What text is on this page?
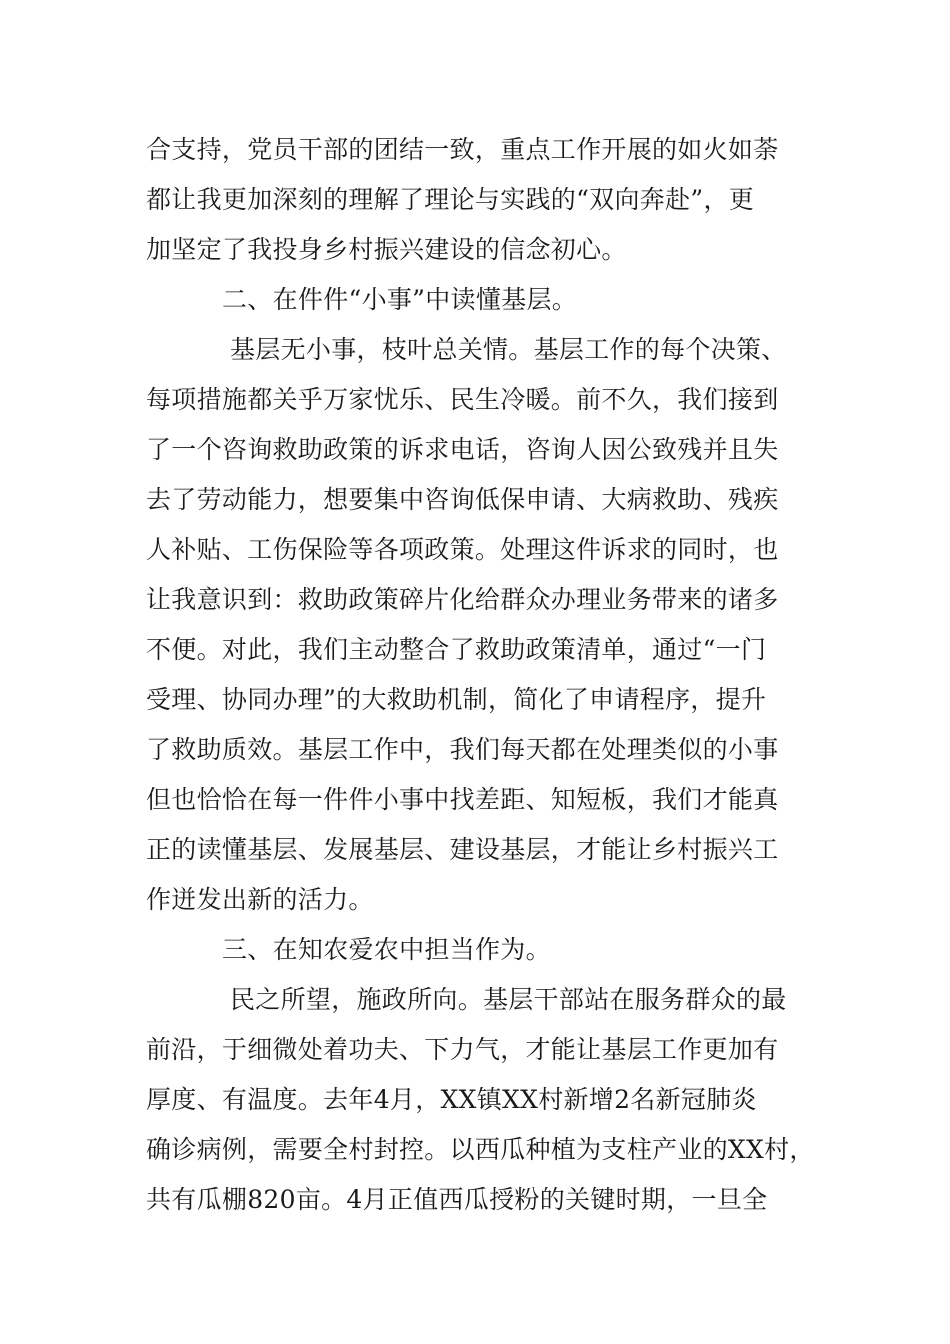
合支持，党员干部的团结一致，重点工作开展的如火如荼

都让我更加深刻的理解了理论与实践的“双向奔赴”，更

加坚定了我投身乡村振兴建设的信念初心。

二、在件件“小事”中读懂基层。

基层无小事，枝叶总关情。基层工作的每个决策、

每项措施都关乎万家忧乐、民生冷暖。前不久，我们接到

了一个咨询救助政策的诉求电话，咨询人因公致残并且失

去了劳动能力，想要集中咨询低保申请、大病救助、残疾

人补贴、工伤保险等各项政策。处理这件诉求的同时，也

让我意识到：救助政策碎片化给群众办理业务带来的诸多

不便。对此，我们主动整合了救助政策清单，通过“一门

受理、协同办理”的大救助机制，简化了申请程序，提升

了救助质效。基层工作中，我们每天都在处理类似的小事

但也恰恰在每一件件小事中找差距、知短板，我们才能真

正的读懂基层、发展基层、建设基层，才能让乡村振兴工

作迸发出新的活力。

三、在知农爱农中担当作为。

民之所望，施政所向。基层干部站在服务群众的最

前沿，于细微处着功夫、下力气，才能让基层工作更加有

厚度、有温度。去年4月，XX镇XX村新增2名新冠肺炎

确诊病例，需要全村封控。以西瓜种植为支柱产业的XX村，

共有瓜棚820亩。4月正值西瓜授粉的关键时期，一旦全
